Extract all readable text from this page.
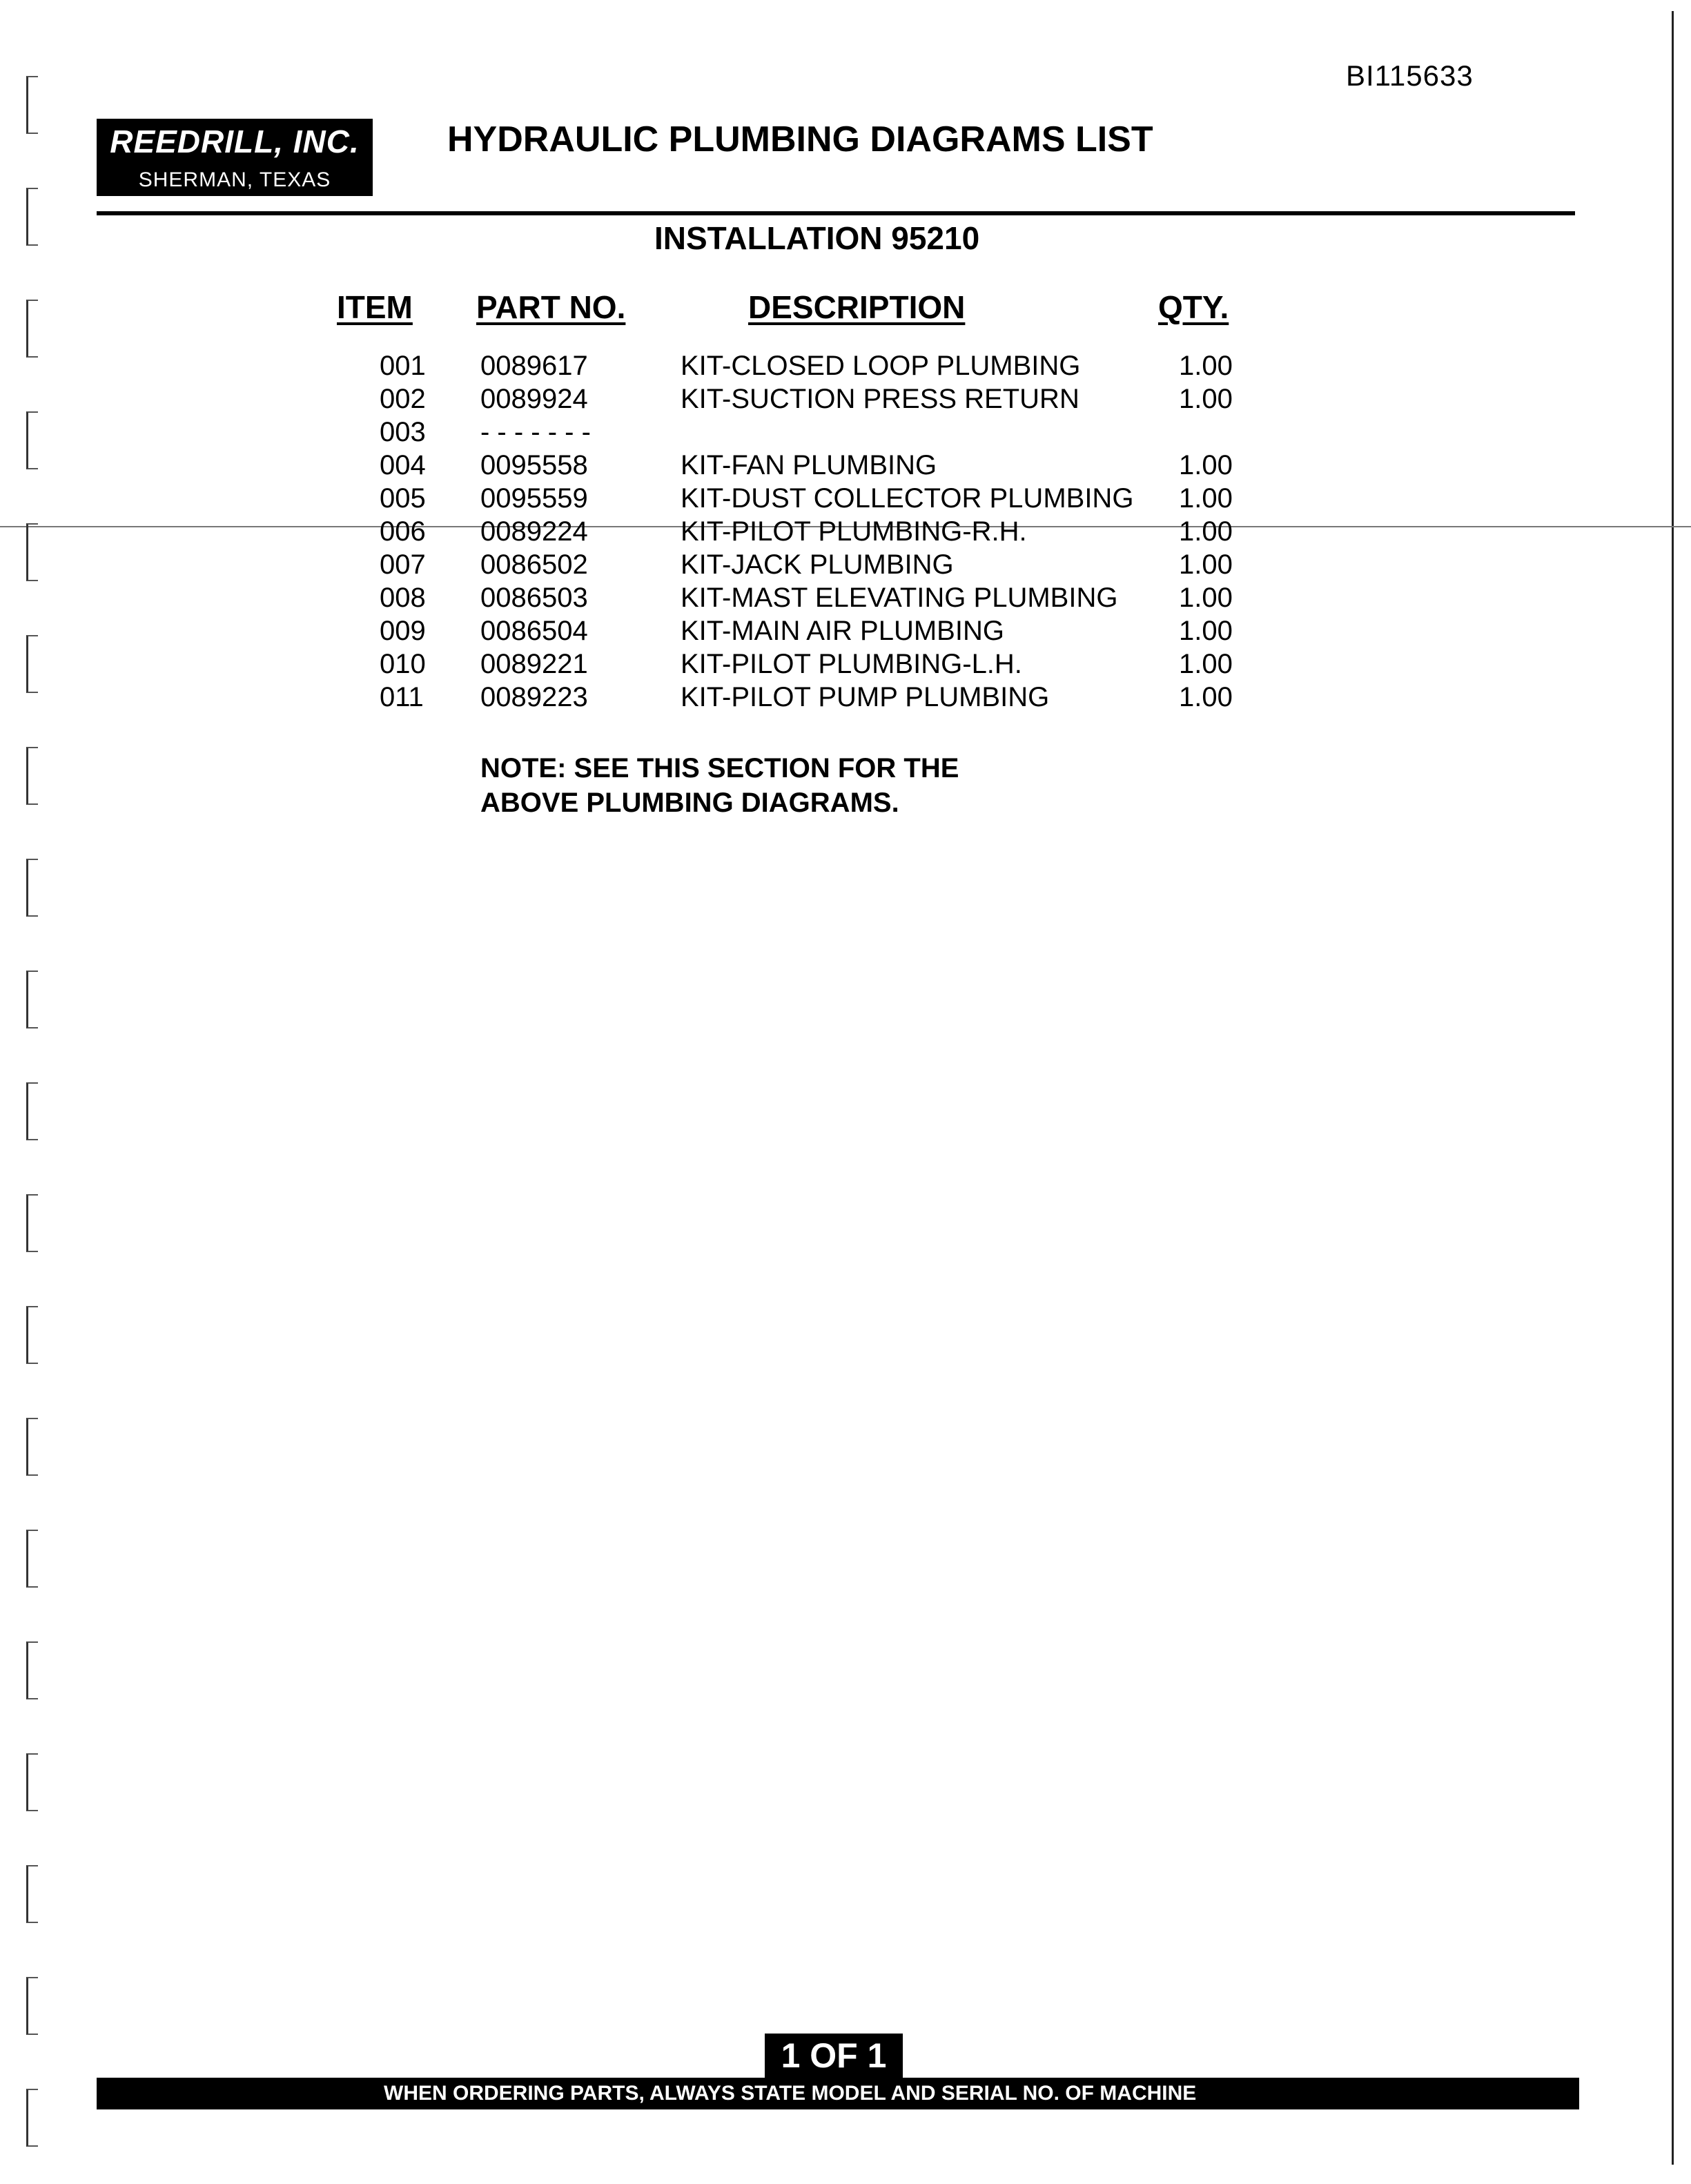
BI115633
REEDRILL, INC.
SHERMAN, TEXAS
HYDRAULIC PLUMBING DIAGRAMS LIST
INSTALLATION 95210
ITEM PART NO.	DESCRIPTION	QTY.
001 0089617	KIT-CLOSED LOOP PLUMBING	1.00
002 0089924	KIT-SUCTION PRESS RETURN	1.00
003 - - - - - - -
004 0095558	KIT-FAN PLUMBING	1.00
005 0095559	KIT-DUST COLLECTOR PLUMBING 1.00
006 0089224	KIT-PILOT PLUMBING-R.H.	1.00
007 0086502	KIT-JACK PLUMBING	1.00
008 0086503	KIT-MAST ELEVATING PLUMBING 1.00
009 0086504	KIT-MAIN AIR PLUMBING	1.00
010 0089221	KIT-PILOT PLUMBING-L.H.	1.00
011 0089223	KIT-PILOT PUMP PLUMBING	1.00
NOTE: SEE THIS SECTION FOR THE
ABOVE PLUMBING DIAGRAMS.
1 OF 1
WHEN ORDERING PARTS, ALWAYS STATE MODEL AND SERIAL NO. OF MACHINE
